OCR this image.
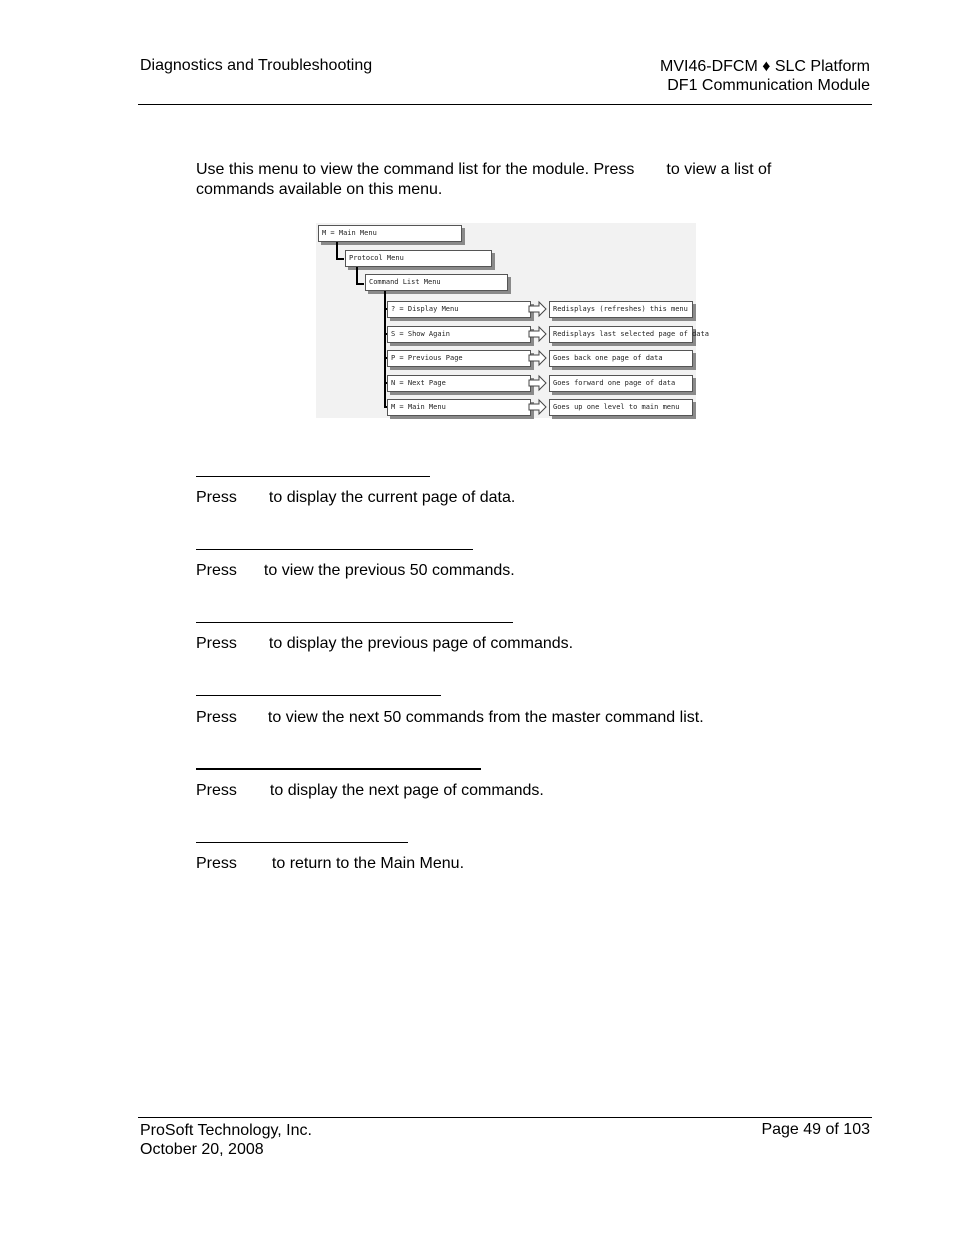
Diagnostics and Troubleshooting	MVI46-DFCM ♦ SLC Platform
DF1 Communication Module
Use this menu to view the command list for the module. Press to view a list of commands available on this menu.
M = Main Menu
Protocol Menu
Command List Menu
? = Display Menu	Redisplays (refreshes) this menu
S = Show Again	Redisplays last selected page of data
P = Previous Page	Goes back one page of data
N = Next Page	Goes forward one page of data
M = Main Menu	Goes up one level to main menu
Press to display the current page of data.
Press to view the previous 50 commands.
Press to display the previous page of commands.
Press to view the next 50 commands from the master command list.
Press to display the next page of commands.
Press to return to the Main Menu.
ProSoft Technology, Inc.
October 20, 2008
Page 49 of 103
